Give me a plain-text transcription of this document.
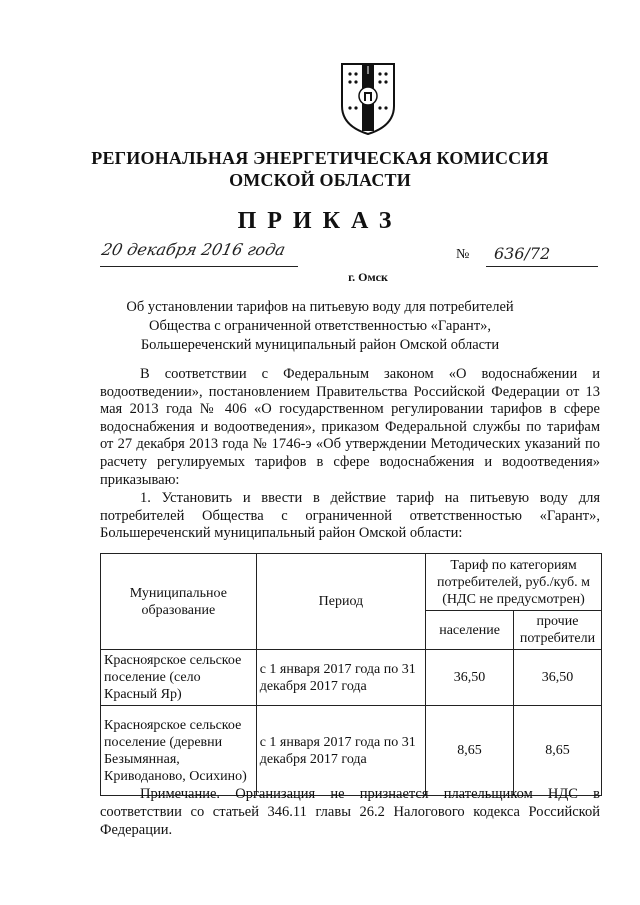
РЕГИОНАЛЬНАЯ ЭНЕРГЕТИЧЕСКАЯ КОМИССИЯ
ОМСКОЙ ОБЛАСТИ
ПРИКАЗ
20 декабря 2016 года	№ 636/72
г. Омск
Об установлении тарифов на питьевую воду для потребителей
Общества с ограниченной ответственностью «Гарант»,
Большереченский муниципальный район Омской области
В соответствии с Федеральным законом «О водоснабжении и водоотведении», постановлением Правительства Российской Федерации от 13 мая 2013 года № 406 «О государственном регулировании тарифов в сфере водоснабжения и водоотведения», приказом Федеральной службы по тарифам от 27 декабря 2013 года № 1746-э «Об утверждении Методических указаний по расчету регулируемых тарифов в сфере водоснабжения и водоотведения» приказываю:
1. Установить и ввести в действие тариф на питьевую воду для потребителей Общества с ограниченной ответственностью «Гарант», Большереченский муниципальный район Омской области:
Муниципальное образование	Период	Тариф по категориям потребителей, руб./куб. м (НДС не предусмотрен)	
		население	прочие потребители
Красноярское сельское поселение (село Красный Яр)	с 1 января 2017 года по 31 декабря 2017 года	36,50	36,50
Красноярское сельское поселение (деревни Безымянная, Криводаново, Осихино)	с 1 января 2017 года по 31 декабря 2017 года	8,65	8,65
Примечание. Организация не признается плательщиком НДС в соответствии со статьей 346.11 главы 26.2 Налогового кодекса Российской Федерации.
